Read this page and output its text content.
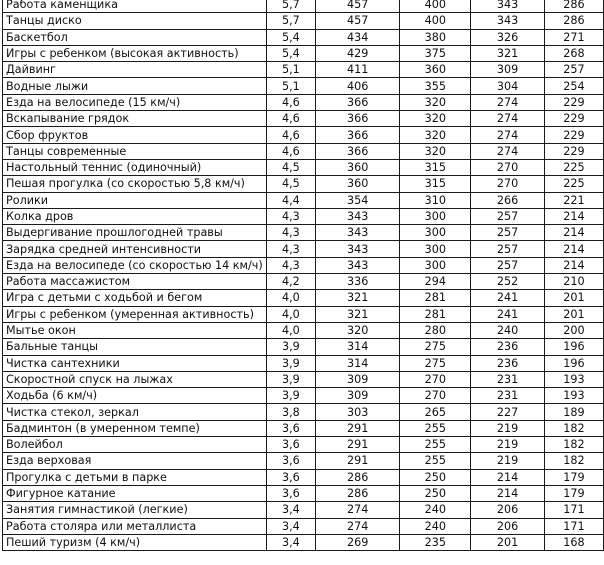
Работа каменщика	5,7	457	400	343	286
Танцы диско	5,7	457	400	343	286
Баскетбол	5,4	434	380	326	271
Игры с ребенком (высокая активность)	5,4	429	375	321	268
Дайвинг	5,1	411	360	309	257
Водные лыжи	5,1	406	355	304	254
Езда на велосипеде (15 км/ч)	4,6	366	320	274	229
Вскапывание грядок	4,6	366	320	274	229
Сбор фруктов	4,6	366	320	274	229
Танцы современные	4,6	366	320	274	229
Настольный теннис (одиночный)	4,5	360	315	270	225
Пешая прогулка (со скоростью 5,8 км/ч)	4,5	360	315	270	225
Ролики	4,4	354	310	266	221
Колка дров	4,3	343	300	257	214
Выдергивание прошлогодней травы	4,3	343	300	257	214
Зарядка средней интенсивности	4,3	343	300	257	214
Езда на велосипеде (со скоростью 14 км/ч)	4,3	343	300	257	214
Работа массажистом	4,2	336	294	252	210
Игра с детьми с ходьбой и бегом	4,0	321	281	241	201
Игры с ребенком (умеренная активность)	4,0	321	281	241	201
Мытье окон	4,0	320	280	240	200
Бальные танцы	3,9	314	275	236	196
Чистка сантехники	3,9	314	275	236	196
Скоростной спуск на лыжах	3,9	309	270	231	193
Ходьба (6 км/ч)	3,9	309	270	231	193
Чистка стекол, зеркал	3,8	303	265	227	189
Бадминтон (в умеренном темпе)	3,6	291	255	219	182
Волейбол	3,6	291	255	219	182
Езда верховая	3,6	291	255	219	182
Прогулка с детьми в парке	3,6	286	250	214	179
Фигурное катание	3,6	286	250	214	179
Занятия гимнастикой (легкие)	3,4	274	240	206	171
Работа столяра или металлиста	3,4	274	240	206	171
Пеший туризм (4 км/ч)	3,4	269	235	201	168
